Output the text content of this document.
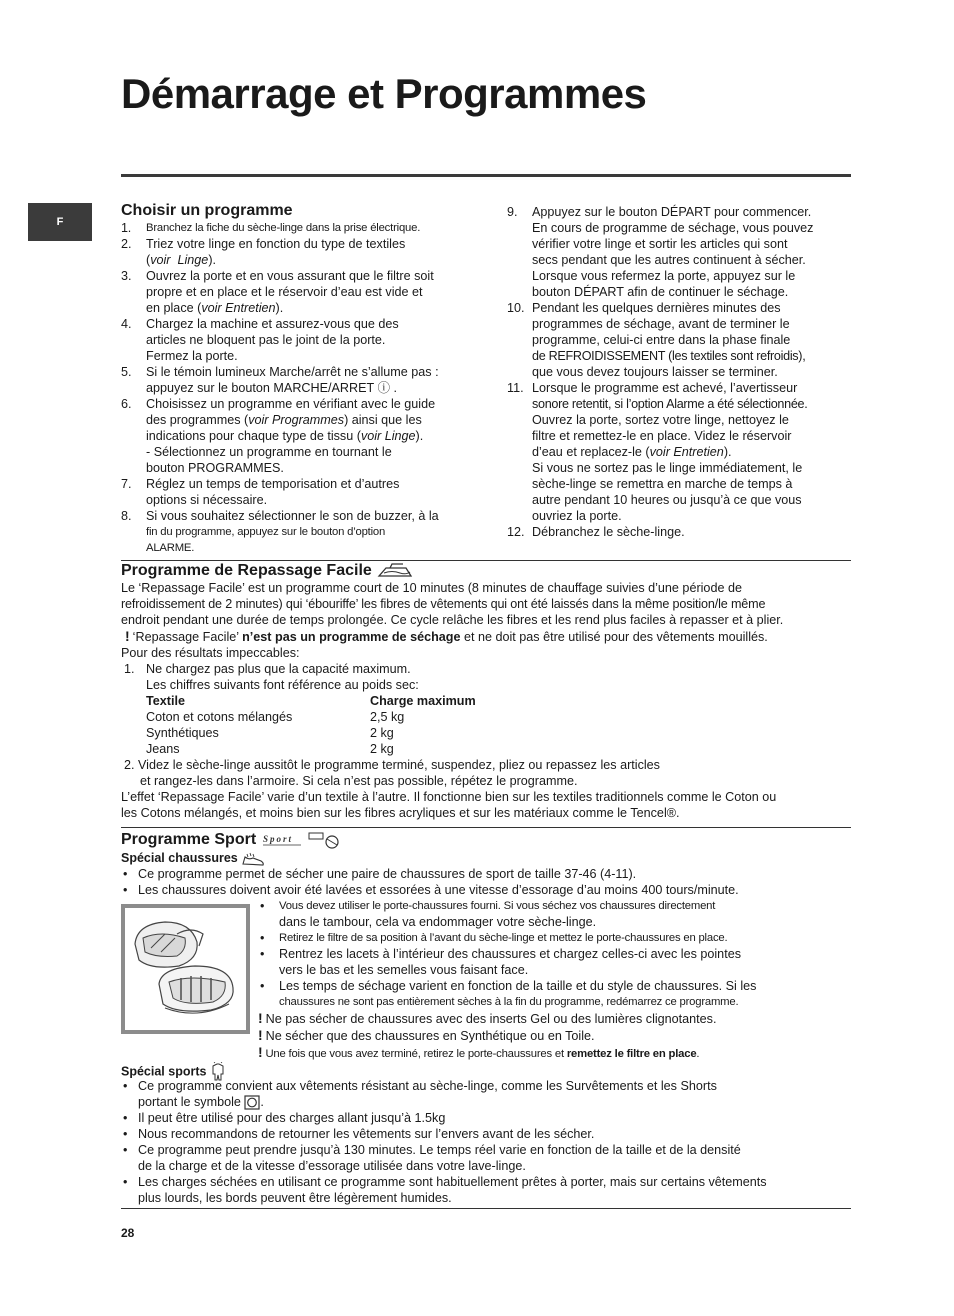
Démarrage et Programmes
F
Choisir un programme
1. Branchez la fiche du sèche-linge dans la prise électrique.
2. Triez votre linge en fonction du type de textiles
(voir  Linge).
3. Ouvrez la porte et en vous assurant que le filtre soit
propre et en place et le réservoir d’eau est vide et
en place (voir Entretien).
4. Chargez la machine et assurez-vous que des
articles ne bloquent pas le joint de la porte.
Fermez la porte.
5. Si le témoin lumineux Marche/arrêt ne s’allume pas :
appuyez sur le bouton MARCHE/ARRET ⓘ .
6. Choisissez un programme en vérifiant avec le guide
des programmes (voir Programmes) ainsi que les
indications pour chaque type de tissu (voir Linge).
- Sélectionnez un programme en tournant le
bouton PROGRAMMES.
7. Réglez un temps de temporisation et d’autres
options si nécessaire.
8. Si vous souhaitez sélectionner le son de buzzer, à la
fin du programme, appuyez sur le bouton d’option
ALARME.
9. Appuyez sur le bouton DÉPART pour commencer.
En cours de programme de séchage, vous pouvez
vérifier votre linge et sortir les articles qui sont
secs pendant que les autres continuent à sécher.
Lorsque vous refermez la porte, appuyez sur le
bouton DÉPART afin de continuer le séchage.
10. Pendant les quelques dernières minutes des
programmes de séchage, avant de terminer le
programme, celui-ci entre dans la phase finale
de REFROIDISSEMENT (les textiles sont refroidis),
que vous devez toujours laisser se terminer.
11. Lorsque le programme est achevé, l’avertisseur
sonore retentit, si l’option Alarme a été sélectionnée.
Ouvrez la porte, sortez votre linge, nettoyez le
filtre et remettez-le en place. Videz le réservoir
d’eau et replacez-le (voir Entretien).
Si vous ne sortez pas le linge immédiatement, le
sèche-linge se remettra en marche de temps à
autre pendant 10 heures ou jusqu’à ce que vous
ouvriez la porte.
12. Débranchez le sèche-linge.
Programme de Repassage Facile
Le ‘Repassage Facile’ est un programme court de 10 minutes (8 minutes de chauffage suivies d’une période de
refroidissement de 2 minutes) qui ‘ébouriffe’ les fibres de vêtements qui ont été laissés dans la même position/le même
endroit pendant une durée de temps prolongée. Ce cycle relâche les fibres et les rend plus faciles à repasser et à plier.
! ‘Repassage Facile’ n’est pas un programme de séchage et ne doit pas être utilisé pour des vêtements mouillés.
Pour des résultats impeccables:
1. Ne chargez pas plus que la capacité maximum.
Les chiffres suivants font référence au poids sec:
Textile	Charge maximum
Coton et cotons mélangés	2,5 kg
Synthétiques	2 kg
Jeans	2 kg
2. Videz le sèche-linge aussitôt le programme terminé, suspendez, pliez ou repassez les articles
et rangez-les dans l’armoire. Si cela n’est pas possible, répétez le programme.
L’effet ‘Repassage Facile’ varie d’un textile à l’autre. Il fonctionne bien sur les textiles traditionnels comme le Coton ou
les Cotons mélangés, et moins bien sur les fibres acryliques et sur les matériaux comme le Tencel®.
Programme Sport Sport
Spécial chaussures
• Ce programme permet de sécher une paire de chaussures de sport de taille 37-46 (4-11).
• Les chaussures doivent avoir été lavées et essorées à une vitesse d’essorage d’au moins 400 tours/minute.
• Vous devez utiliser le porte-chaussures fourni. Si vous séchez vos chaussures directement
dans le tambour, cela va endommager votre sèche-linge.
• Retirez le filtre de sa position à l’avant du sèche-linge et mettez le porte-chaussures en place.
• Rentrez les lacets à l’intérieur des chaussures et chargez celles-ci avec les pointes
vers le bas et les semelles vous faisant face.
• Les temps de séchage varient en fonction de la taille et du style de chaussures. Si les
chaussures ne sont pas entièrement sèches à la fin du programme, redémarrez ce programme.
! Ne pas sécher de chaussures avec des inserts Gel ou des lumières clignotantes.
! Ne sécher que des chaussures en Synthétique ou en Toile.
! Une fois que vous avez terminé, retirez le porte-chaussures et remettez le filtre en place.
Spécial sports
• Ce programme convient aux vêtements résistant au sèche-linge, comme les Survêtements et les Shorts
portant le symbole .
• Il peut être utilisé pour des charges allant jusqu’à 1.5kg
• Nous recommandons de retourner les vêtements sur l’envers avant de les sécher.
• Ce programme peut prendre jusqu’à 130 minutes. Le temps réel varie en fonction de la taille et de la densité
de la charge et de la vitesse d’essorage utilisée dans votre lave-linge.
• Les charges séchées en utilisant ce programme sont habituellement prêtes à porter, mais sur certains vêtements
plus lourds, les bords peuvent être légèrement humides.
28
